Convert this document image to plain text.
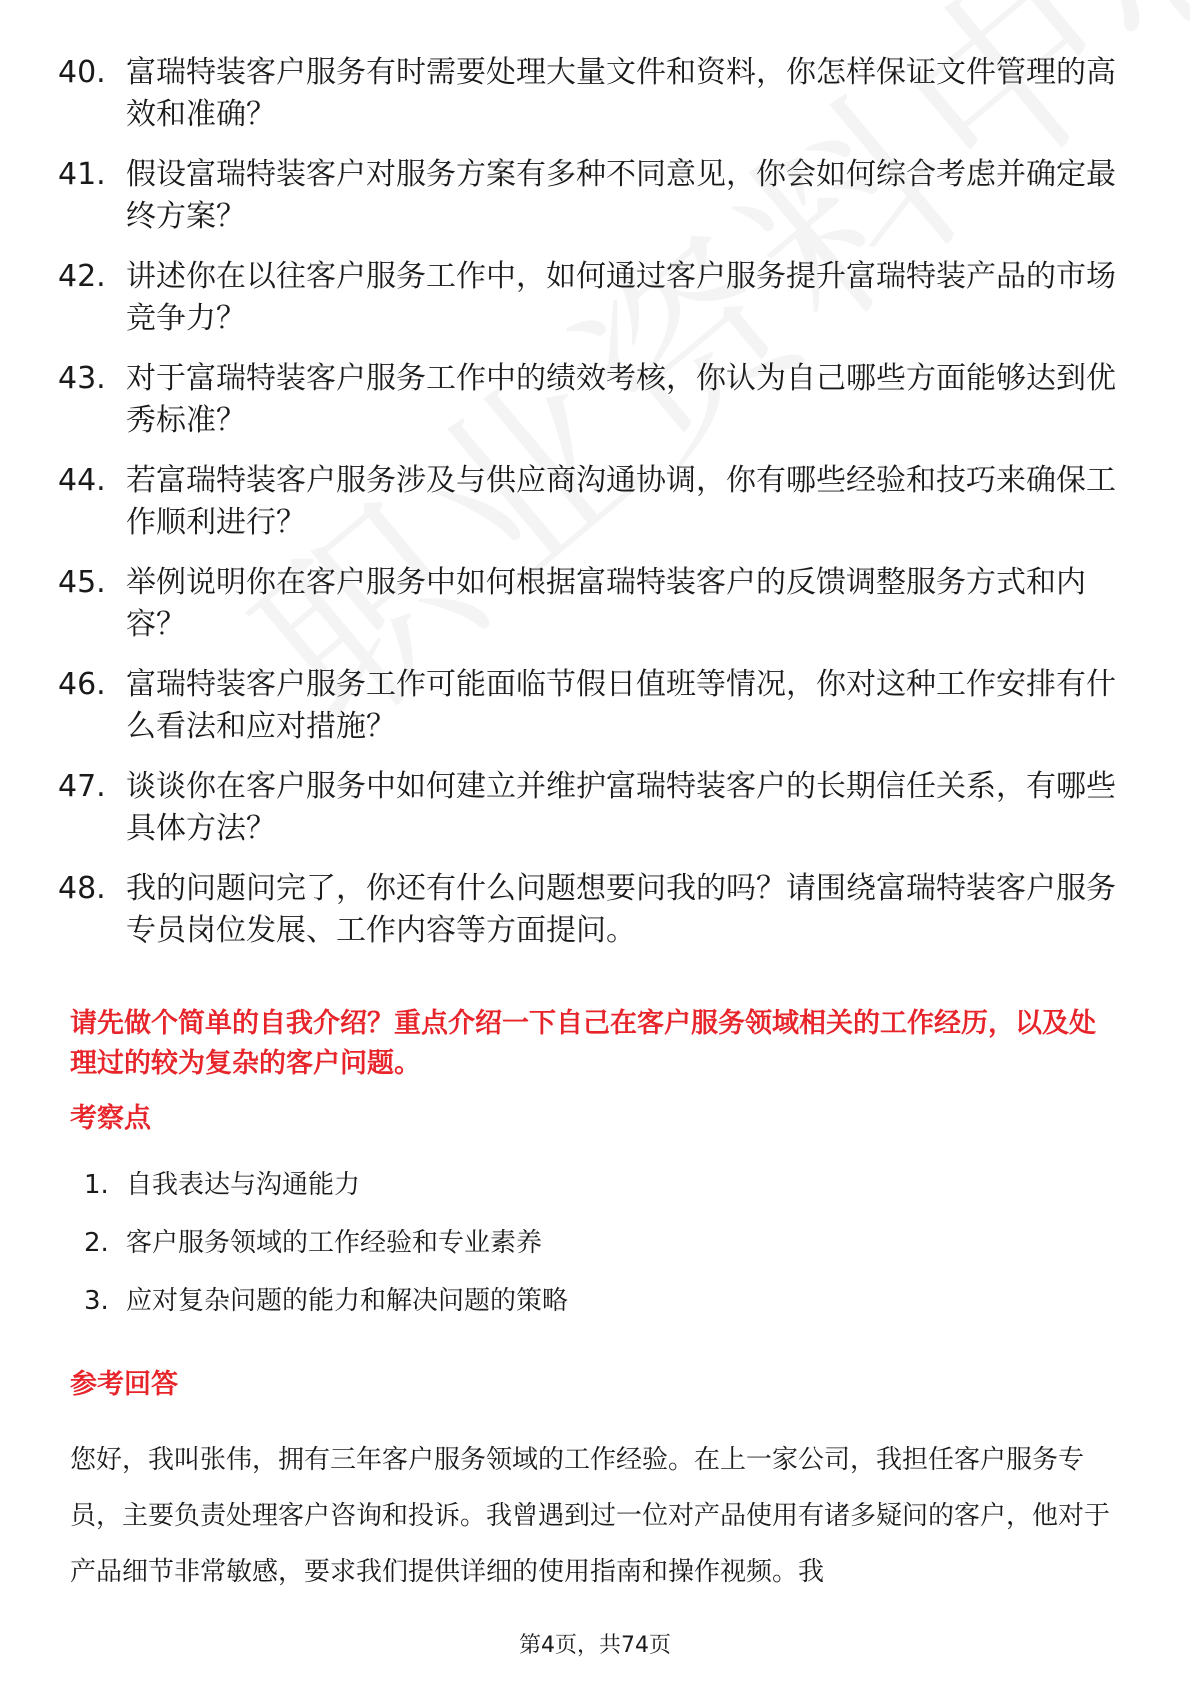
40. 富瑞特装客户服务有时需要处理大量文件和资料，你怎样保证文件管理的高效和准确？
41. 假设富瑞特装客户对服务方案有多种不同意见，你会如何综合考虑并确定最终方案？
42. 讲述你在以往客户服务工作中，如何通过客户服务提升富瑞特装产品的市场竞争力？
43. 对于富瑞特装客户服务工作中的绩效考核，你认为自己哪些方面能够达到优秀标准？
44. 若富瑞特装客户服务涉及与供应商沟通协调，你有哪些经验和技巧来确保工作顺利进行？
45. 举例说明你在客户服务中如何根据富瑞特装客户的反馈调整服务方式和内容？
46. 富瑞特装客户服务工作可能面临节假日值班等情况，你对这种工作安排有什么看法和应对措施？
47. 谈谈你在客户服务中如何建立并维护富瑞特装客户的长期信任关系，有哪些具体方法？
48. 我的问题问完了，你还有什么问题想要问我的吗？请围绕富瑞特装客户服务专员岗位发展、工作内容等方面提问。

请先做个简单的自我介绍？重点介绍一下自己在客户服务领域相关的工作经历，以及处理过的较为复杂的客户问题。

考察点
1. 自我表达与沟通能力
2. 客户服务领域的工作经验和专业素养
3. 应对复杂问题的能力和解决问题的策略
参考回答

您好，我叫张伟，拥有三年客户服务领域的工作经验。在上一家公司，我担任客户服务专员，主要负责处理客户咨询和投诉。我曾遇到过一位对产品使用有诸多疑问的客户，他对于产品细节非常敏感，要求我们提供详细的使用指南和操作视频。我

第4页，共74页
